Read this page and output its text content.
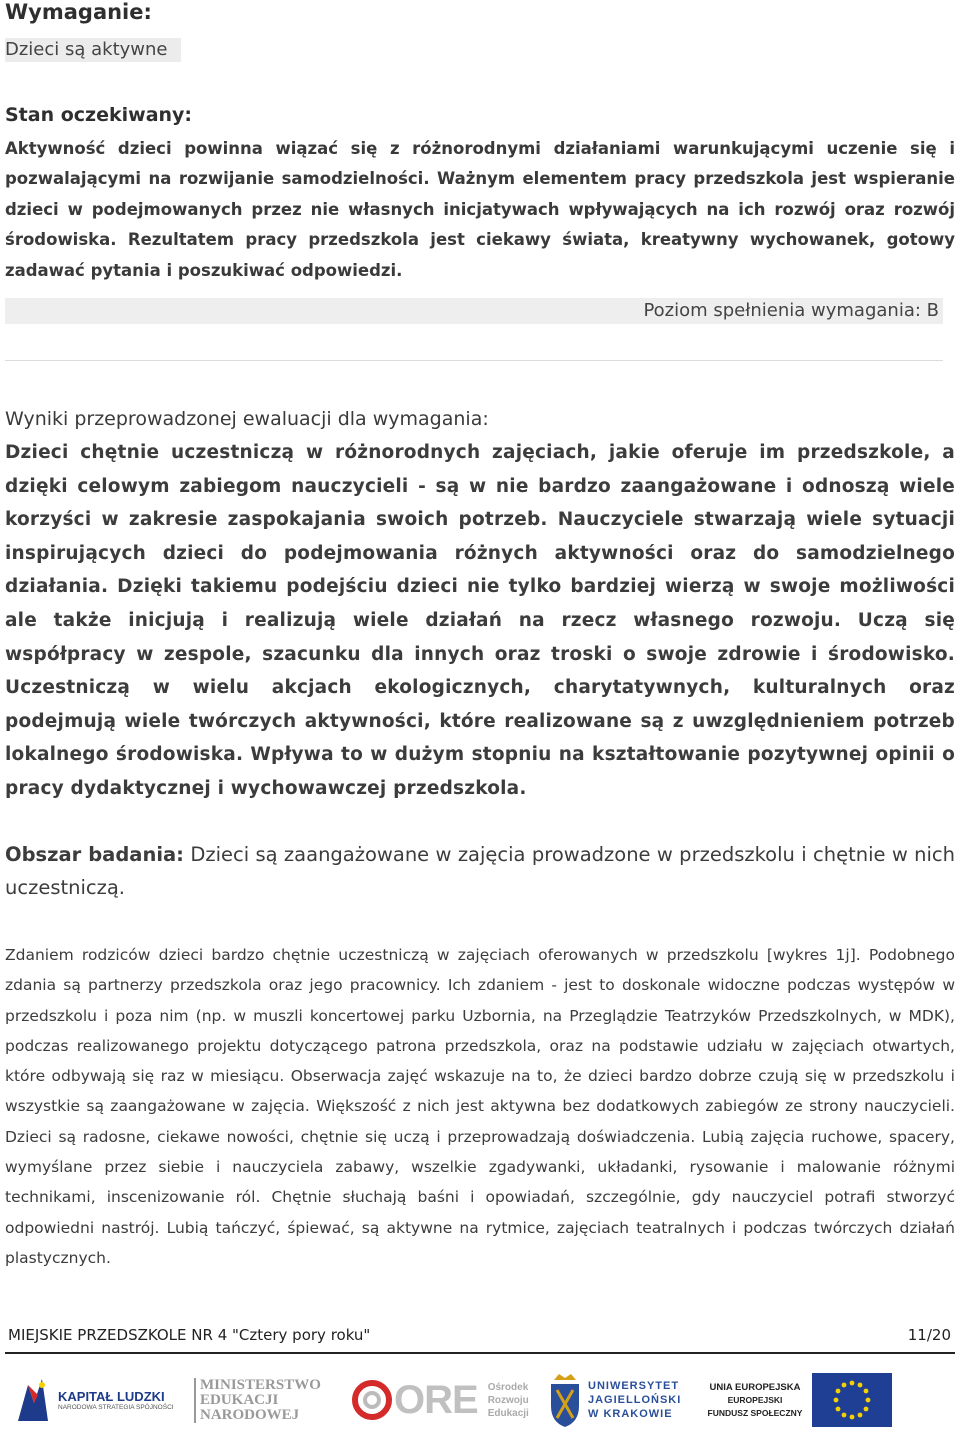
Wymaganie:
Dzieci są aktywne
Stan oczekiwany:
Aktywność dzieci powinna wiązać się z różnorodnymi działaniami warunkującymi uczenie się i pozwalającymi na rozwijanie samodzielności. Ważnym elementem pracy przedszkola jest wspieranie dzieci w podejmowanych przez nie własnych inicjatywach wpływających na ich rozwój oraz rozwój środowiska. Rezultatem pracy przedszkola jest ciekawy świata, kreatywny wychowanek, gotowy zadawać pytania i poszukiwać odpowiedzi.
Poziom spełnienia wymagania: B
Wyniki przeprowadzonej ewaluacji dla wymagania:
Dzieci chętnie uczestniczą w różnorodnych zajęciach, jakie oferuje im przedszkole, a dzięki celowym zabiegom nauczycieli - są w nie bardzo zaangażowane i odnoszą wiele korzyści w zakresie zaspokajania swoich potrzeb. Nauczyciele stwarzają wiele sytuacji inspirujących dzieci do podejmowania różnych aktywności oraz do samodzielnego działania. Dzięki takiemu podejściu dzieci nie tylko bardziej wierzą w swoje możliwości ale także inicjują i realizują wiele działań na rzecz własnego rozwoju. Uczą się współpracy w zespole, szacunku dla innych oraz troski o swoje zdrowie i środowisko. Uczestniczą w wielu akcjach ekologicznych, charytatywnych, kulturalnych oraz podejmują wiele twórczych aktywności, które realizowane są z uwzględnieniem potrzeb lokalnego środowiska. Wpływa to w dużym stopniu na kształtowanie pozytywnej opinii o pracy dydaktycznej i wychowawczej przedszkola.
Obszar badania: Dzieci są zaangażowane w zajęcia prowadzone w przedszkolu i chętnie w nich uczestniczą.
Zdaniem rodziców dzieci bardzo chętnie uczestniczą w zajęciach oferowanych w przedszkolu [wykres 1j]. Podobnego zdania są partnerzy przedszkola oraz jego pracownicy. Ich zdaniem - jest to doskonale widoczne podczas występów w przedszkolu i poza nim (np. w muszli koncertowej parku Uzbornia, na Przeglądzie Teatrzyków Przedszkolnych, w MDK), podczas realizowanego projektu dotyczącego patrona przedszkola, oraz na podstawie udziału w zajęciach otwartych, które odbywają się raz w miesiącu. Obserwacja zajęć wskazuje na to, że dzieci bardzo dobrze czują się w przedszkolu i wszystkie są zaangażowane w zajęcia. Większość z nich jest aktywna bez dodatkowych zabiegów ze strony nauczycieli. Dzieci są radosne, ciekawe nowości, chętnie się uczą i przeprowadzają doświadczenia. Lubią zajęcia ruchowe, spacery, wymyślane przez siebie i nauczyciela zabawy, wszelkie zgadywanki, układanki, rysowanie i malowanie różnymi technikami, inscenizowanie ról. Chętnie słuchają baśni i opowiadań, szczególnie, gdy nauczyciel potrafi stworzyć odpowiedni nastrój. Lubią tańczyć, śpiewać, są aktywne na rytmice, zajęciach teatralnych i podczas twórczych działań plastycznych.
MIEJSKIE PRZEDSZKOLE NR 4 "Cztery pory roku"	11/20
KAPITAŁ LUDZKI
NARODOWA STRATEGIA SPÓJNOŚCI
MINISTERSTWO
EDUKACJI
NARODOWEJ	ORE Ośrodek
Rozwoju
Edukacji
UNIWERSYTET
JAGIELLOŃSKI
W KRAKOWIE
UNIA EUROPEJSKA
EUROPEJSKI
FUNDUSZ SPOŁECZNY
